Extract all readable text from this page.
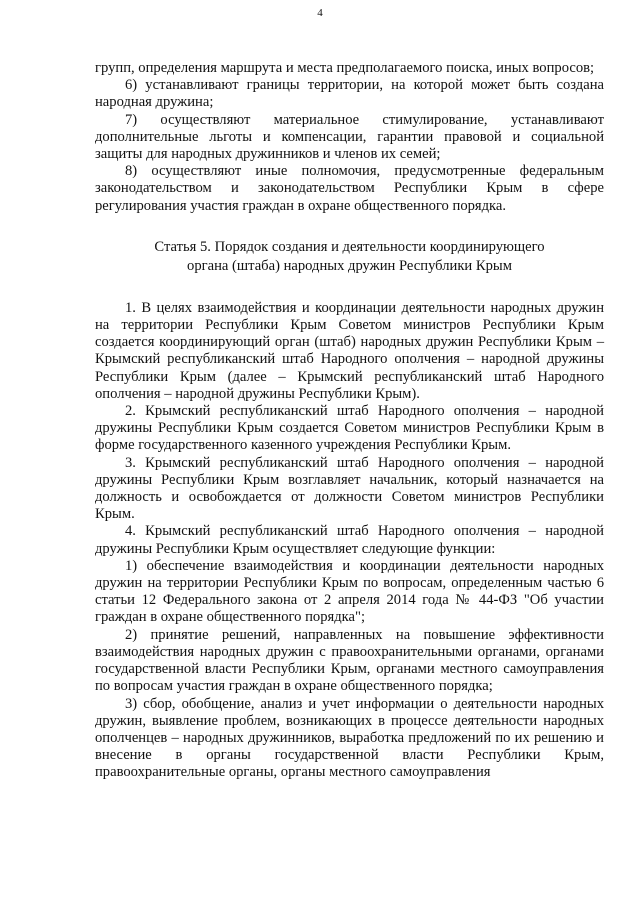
4

групп, определения маршрута и места предполагаемого поиска, иных вопросов;

6) устанавливают границы территории, на которой может быть создана народная дружина;

7) осуществляют материальное стимулирование, устанавливают дополнительные льготы и компенсации, гарантии правовой и социальной защиты для народных дружинников и членов их семей;

8) осуществляют иные полномочия, предусмотренные федеральным законодательством и законодательством Республики Крым в сфере регулирования участия граждан в охране общественного порядка.

Статья 5. Порядок создания и деятельности координирующего
органа (штаба) народных дружин Республики Крым

1. В целях взаимодействия и координации деятельности народных дружин на территории Республики Крым Советом министров Республики Крым создается координирующий орган (штаб) народных дружин Республики Крым – Крымский республиканский штаб Народного ополчения – народной дружины Республики Крым (далее – Крымский республиканский штаб Народного ополчения – народной дружины Республики Крым).

2. Крымский республиканский штаб Народного ополчения – народной дружины Республики Крым создается Советом министров Республики Крым в форме государственного казенного учреждения Республики Крым.

3. Крымский республиканский штаб Народного ополчения – народной дружины Республики Крым возглавляет начальник, который назначается на должность и освобождается от должности Советом министров Республики Крым.

4. Крымский республиканский штаб Народного ополчения – народной дружины Республики Крым осуществляет следующие функции:

1) обеспечение взаимодействия и координации деятельности народных дружин на территории Республики Крым по вопросам, определенным частью 6 статьи 12 Федерального закона от 2 апреля 2014 года № 44-ФЗ "Об участии граждан в охране общественного порядка";

2) принятие решений, направленных на повышение эффективности взаимодействия народных дружин с правоохранительными органами, органами государственной власти Республики Крым, органами местного самоуправления по вопросам участия граждан в охране общественного порядка;

3) сбор, обобщение, анализ и учет информации о деятельности народных дружин, выявление проблем, возникающих в процессе деятельности народных ополченцев – народных дружинников, выработка предложений по их решению и внесение в органы государственной власти Республики Крым, правоохранительные органы, органы местного самоуправления
